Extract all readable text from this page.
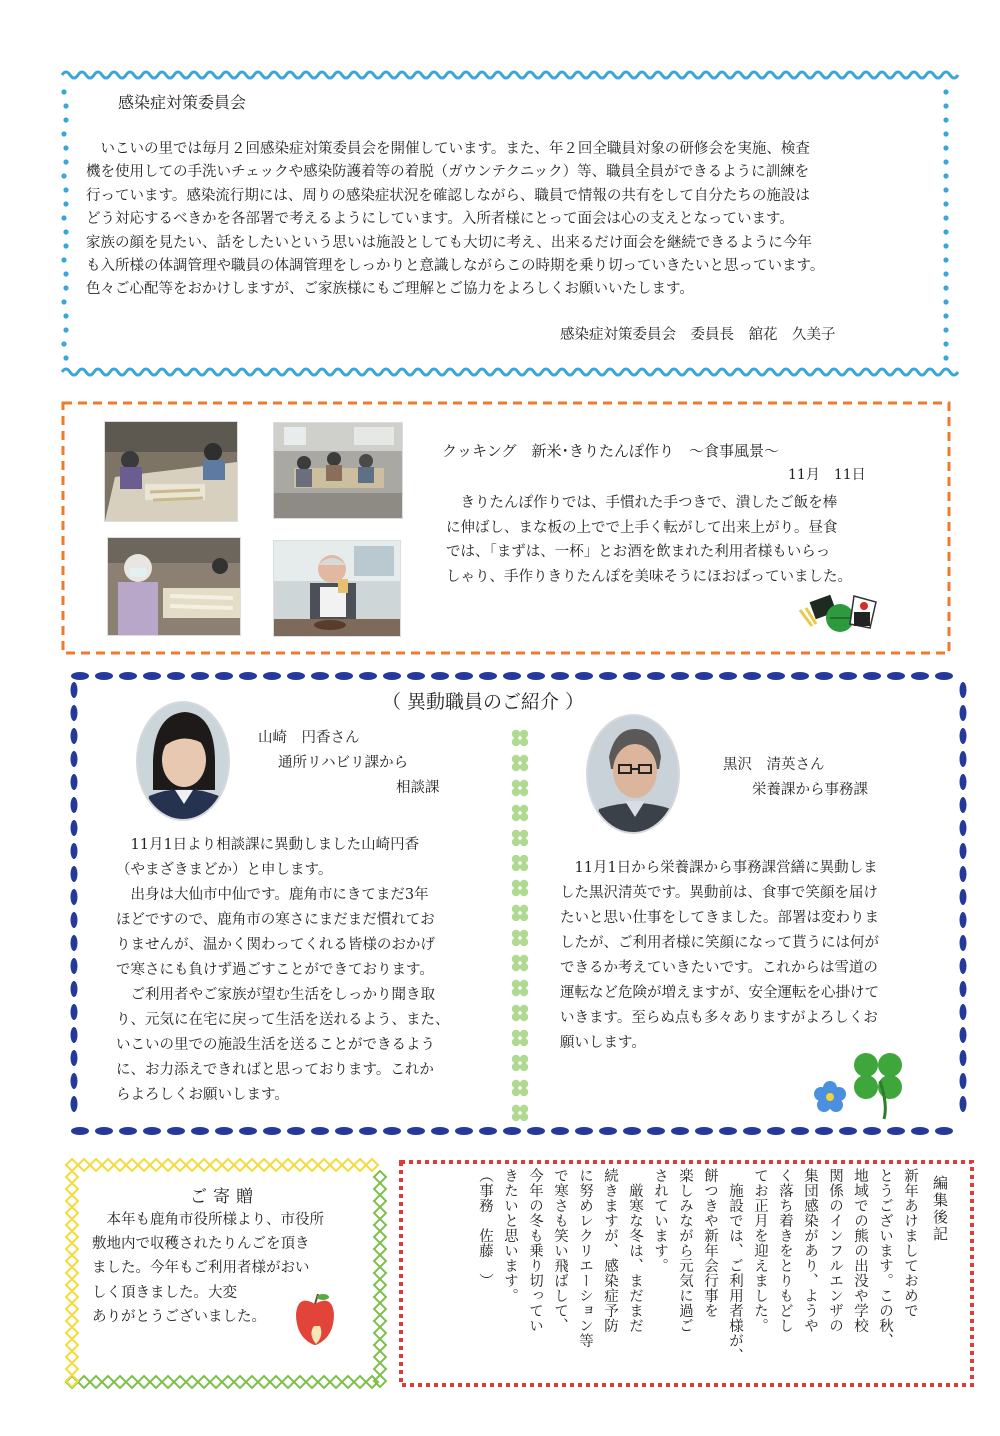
感染症対策委員会

　いこいの里では毎月２回感染症対策委員会を開催しています。また、年２回全職員対象の研修会を実施、検査

機を使用しての手洗いチェックや感染防護着等の着脱（ガウンテクニック）等、職員全員ができるように訓練を

行っています。感染流行期には、周りの感染症状況を確認しながら、職員で情報の共有をして自分たちの施設は

どう対応するべきかを各部署で考えるようにしています。入所者様にとって面会は心の支えとなっています。

家族の顔を見たい、話をしたいという思いは施設としても大切に考え、出来るだけ面会を継続できるように今年

も入所様の体調管理や職員の体調管理をしっかりと意識しながらこの時期を乗り切っていきたいと思っています。

色々ご心配等をおかけしますが、ご家族様にもご理解とご協力をよろしくお願いいたします。

感染症対策委員会　委員長　舘花　久美子
クッキング　新米･きりたんぽ作り　～食事風景～
11月　11日

　きりたんぽ作りでは、手慣れた手つきで、潰したご飯を棒

に伸ばし、まな板の上でで上手く転がして出来上がり。昼食

では、「まずは、一杯」とお酒を飲まれた利用者様もいらっ

しゃり、手作りきりたんぽを美味そうにほおばっていました。

（ 異動職員のご紹介 ）
山崎　円香さん
通所リハビリ課から
相談課

　11月1日より相談課に異動しました山崎円香

（やまざきまどか）と申します。

　出身は大仙市中仙です。鹿角市にきてまだ3年

ほどですので、鹿角市の寒さにまだまだ慣れてお

りませんが、温かく関わってくれる皆様のおかげ

で寒さにも負けず過ごすことができております。

　ご利用者やご家族が望む生活をしっかり聞き取

り、元気に在宅に戻って生活を送れるよう、また、

いこいの里での施設生活を送ることができるよう

に、お力添えできればと思っております。これか

らよろしくお願いします。

黒沢　清英さん
栄養課から事務課

　11月1日から栄養課から事務課営繕に異動しま

した黒沢清英です。異動前は、食事で笑顔を届け

たいと思い仕事をしてきました。部署は変わりま

したが、ご利用者様に笑顔になって貰うには何が

できるか考えていきたいです。これからは雪道の

運転など危険が増えますが、安全運転を心掛けて

いきます。至らぬ点も多々ありますがよろしくお

願いします。

ご寄贈

　本年も鹿角市役所様より、市役所

敷地内で収穫されたりんごを頂き

ました。今年もご利用者様がおい

しく頂きました。大変

ありがとうございました。

編集後記

新年あけましておめで

とうございます。この秋、

地域での熊の出没や学校

関係のインフルエンザの

集団感染があり、ようや

く落ち着きをとりもどし

てお正月を迎えました。

　施設では、ご利用者様が、

餅つきや新年会行事を

楽しみながら元気に過ご

されています。

　厳寒な冬は、まだまだ

続きますが、感染症予防

に努めレクリエーション等

で寒さも笑い飛ばして、

今年の冬も乗り切ってい

きたいと思います。

（事務　佐藤　）
